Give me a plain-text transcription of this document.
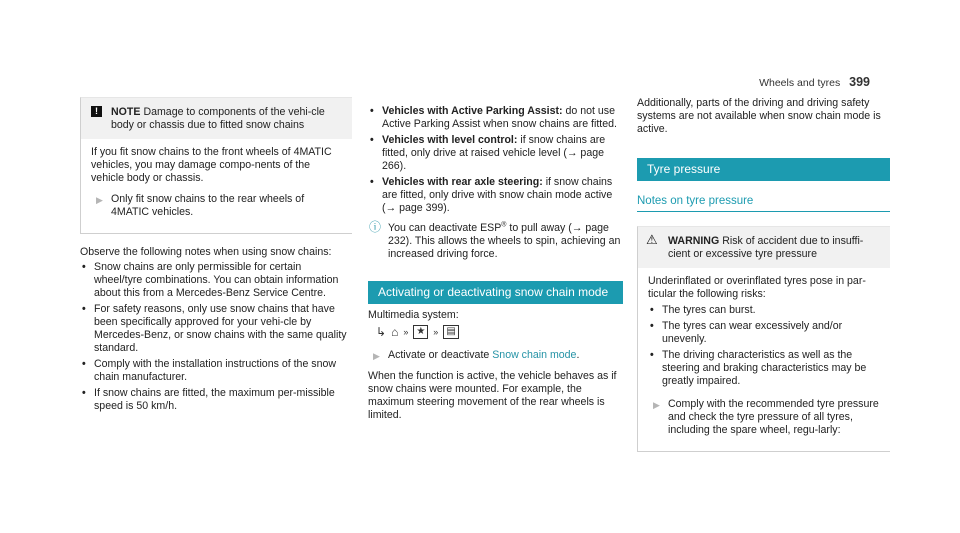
Wheels and tyres 399
!	NOTE Damage to components of the vehi-cle body or chassis due to fitted snow chains

If you fit snow chains to the front wheels of 4MATIC vehicles, you may damage compo-nents of the vehicle body or chassis.

▶ Only fit snow chains to the rear wheels of 4MATIC vehicles.

Observe the following notes when using snow chains:

• Snow chains are only permissible for certain wheel/tyre combinations. You can obtain information about this from a Mercedes-Benz Service Centre.
• For safety reasons, only use snow chains that have been specifically approved for your vehi-cle by Mercedes-Benz, or snow chains with the same quality standard.
• Comply with the installation instructions of the snow chain manufacturer.
• If snow chains are fitted, the maximum per-missible speed is 50 km/h.
• Vehicles with Active Parking Assist: do not use Active Parking Assist when snow chains are fitted.
• Vehicles with level control: if snow chains are fitted, only drive at raised vehicle level (→ page 266).
• Vehicles with rear axle steering: if snow chains are fitted, only drive with snow chain mode active (→ page 399).
ⓘ You can deactivate ESP® to pull away (→ page 232). This allows the wheels to spin, achieving an increased driving force.
Activating or deactivating snow chain mode

Multimedia system:

↳ ⌂ » ★ » ▤
▶ Activate or deactivate Snow chain mode.

When the function is active, the vehicle behaves as if snow chains were mounted. For example, the maximum steering movement of the rear wheels is limited.

Additionally, parts of the driving and driving safety systems are not available when snow chain mode is active.

Tyre pressure
Notes on tyre pressure
⚠ WARNING Risk of accident due to insuffi-cient or excessive tyre pressure

Underinflated or overinflated tyres pose in par-ticular the following risks:

• The tyres can burst.
• The tyres can wear excessively and/or unevenly.
• The driving characteristics as well as the steering and braking characteristics may be greatly impaired.
▶ Comply with the recommended tyre pressure and check the tyre pressure of all tyres, including the spare wheel, regu-larly:
